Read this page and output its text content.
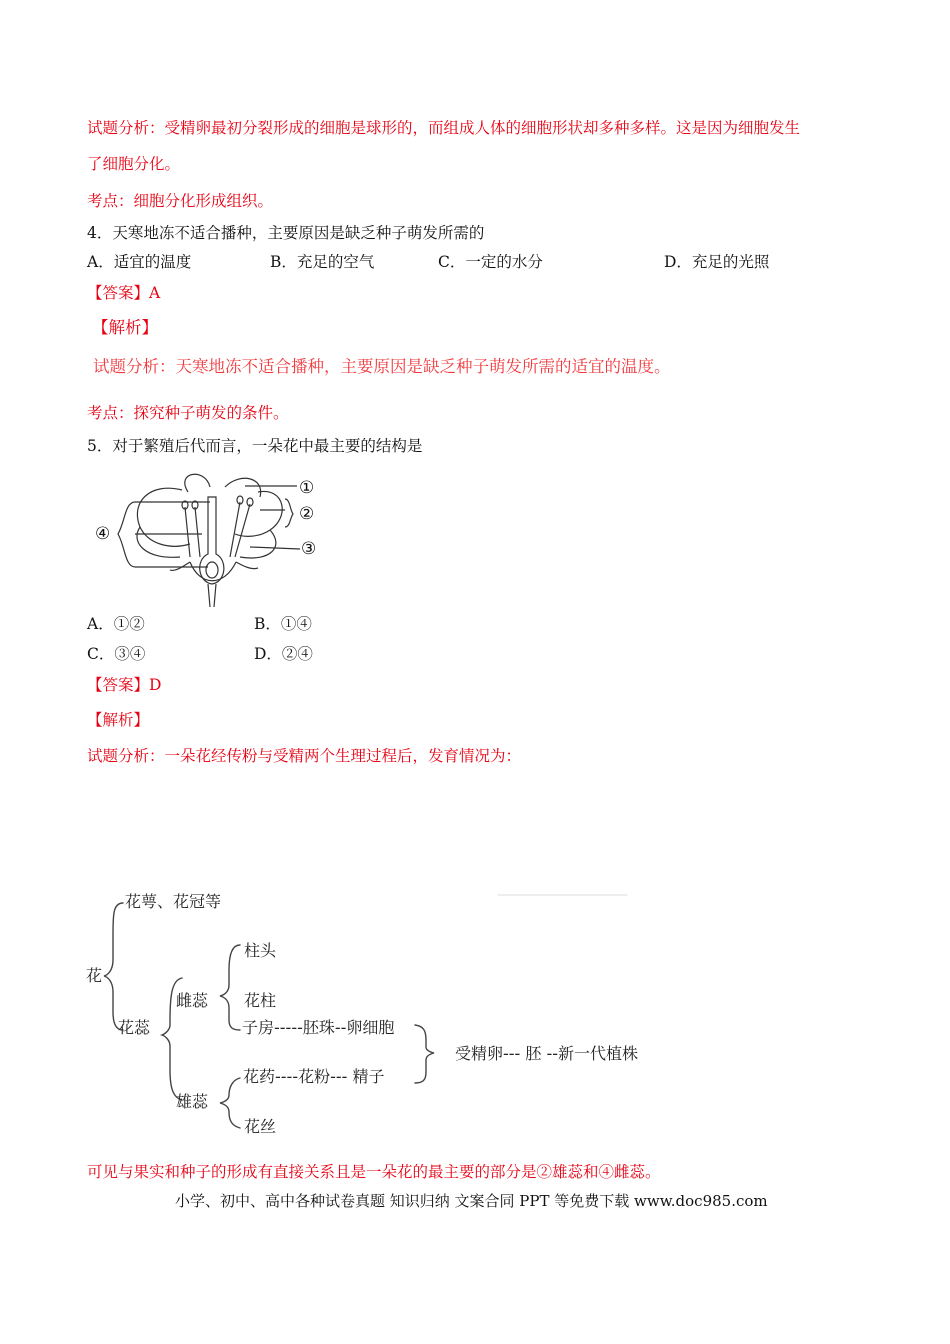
试题分析：受精卵最初分裂形成的细胞是球形的，而组成人体的细胞形状却多种多样。这是因为细胞发生
了细胞分化。
考点：细胞分化形成组织。
4．天寒地冻不适合播种，主要原因是缺乏种子萌发所需的
A．适宜的温度	B．充足的空气	C．一定的水分	D．充足的光照
【答案】A
【解析】
试题分析：天寒地冻不适合播种，主要原因是缺乏种子萌发所需的适宜的温度。
考点：探究种子萌发的条件。
5．对于繁殖后代而言，一朵花中最主要的结构是
①
②
③
④
A．①②	B．①④
C．③④	D．②④
【答案】D
【解析】
试题分析：一朵花经传粉与受精两个生理过程后，发育情况为：
花萼、花冠等
花
花蕊
雌蕊
柱头
花柱
子房-----胚珠--卵细胞
花药----花粉--- 精子
雄蕊
花丝
受精卵--- 胚 --新一代植株
可见与果实和种子的形成有直接关系且是一朵花的最主要的部分是②雄蕊和④雌蕊。
小学、初中、高中各种试卷真题 知识归纳 文案合同 PPT 等免费下载 www.doc985.com
